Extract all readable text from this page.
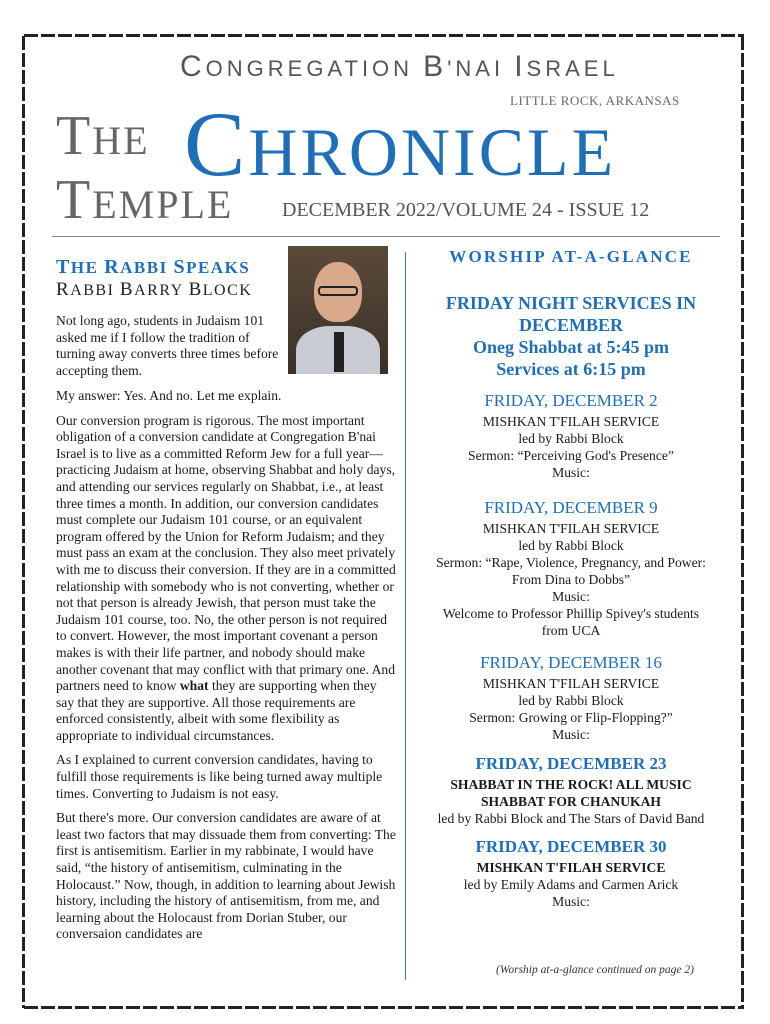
CONGREGATION B'NAI ISRAEL
LITTLE ROCK, ARKANSAS
THE
TEMPLE
CHRONICLE
DECEMBER 2022/VOLUME 24 - ISSUE 12
THE RABBI SPEAKS
RABBI BARRY BLOCK

Not long ago, students in Judaism 101 asked me if I follow the tradition of turning away converts three times before accepting them.

My answer: Yes. And no. Let me explain.

Our conversion program is rigorous. The most important obligation of a conversion candidate at Congregation B'nai Israel is to live as a committed Reform Jew for a full year—practicing Judaism at home, observing Shabbat and holy days, and attending our services regularly on Shabbat, i.e., at least three times a month. In addition, our conversion candidates must complete our Judaism 101 course, or an equivalent program offered by the Union for Reform Judaism; and they must pass an exam at the conclusion. They also meet privately with me to discuss their conversion. If they are in a committed relationship with somebody who is not converting, whether or not that person is already Jewish, that person must take the Judaism 101 course, too. No, the other person is not required to convert. However, the most important covenant a person makes is with their life partner, and nobody should make another covenant that may conflict with that primary one. And partners need to know what they are supporting when they say that they are supportive. All those requirements are enforced consistently, albeit with some flexibility as appropriate to individual circumstances.

As I explained to current conversion candidates, having to fulfill those requirements is like being turned away multiple times. Converting to Judaism is not easy.

But there's more. Our conversion candidates are aware of at least two factors that may dissuade them from converting: The first is antisemitism. Earlier in my rabbinate, I would have said, “the history of antisemitism, culminating in the Holocaust.” Now, though, in addition to learning about Jewish history, including the history of antisemitism, from me, and learning about the Holocaust from Dorian Stuber, our conversaion candidates are

WORSHIP AT-A-GLANCE
FRIDAY NIGHT SERVICES IN
DECEMBER
Oneg Shabbat at 5:45 pm
Services at 6:15 pm
FRIDAY, DECEMBER 2
MISHKAN T'FILAH SERVICE
led by Rabbi Block
Sermon: “Perceiving God's Presence”
Music:
FRIDAY, DECEMBER 9
MISHKAN T'FILAH SERVICE
led by Rabbi Block
Sermon: “Rape, Violence, Pregnancy, and Power:
From Dina to Dobbs”
Music:
Welcome to Professor Phillip Spivey's students
from UCA
FRIDAY, DECEMBER 16
MISHKAN T'FILAH SERVICE
led by Rabbi Block
Sermon: Growing or Flip-Flopping?”
Music:
FRIDAY, DECEMBER 23
SHABBAT IN THE ROCK! ALL MUSIC
SHABBAT FOR CHANUKAH
led by Rabbi Block and The Stars of David Band
FRIDAY, DECEMBER 30
MISHKAN T'FILAH SERVICE
led by Emily Adams and Carmen Arick
Music:
(Worship at-a-glance continued on page 2)
